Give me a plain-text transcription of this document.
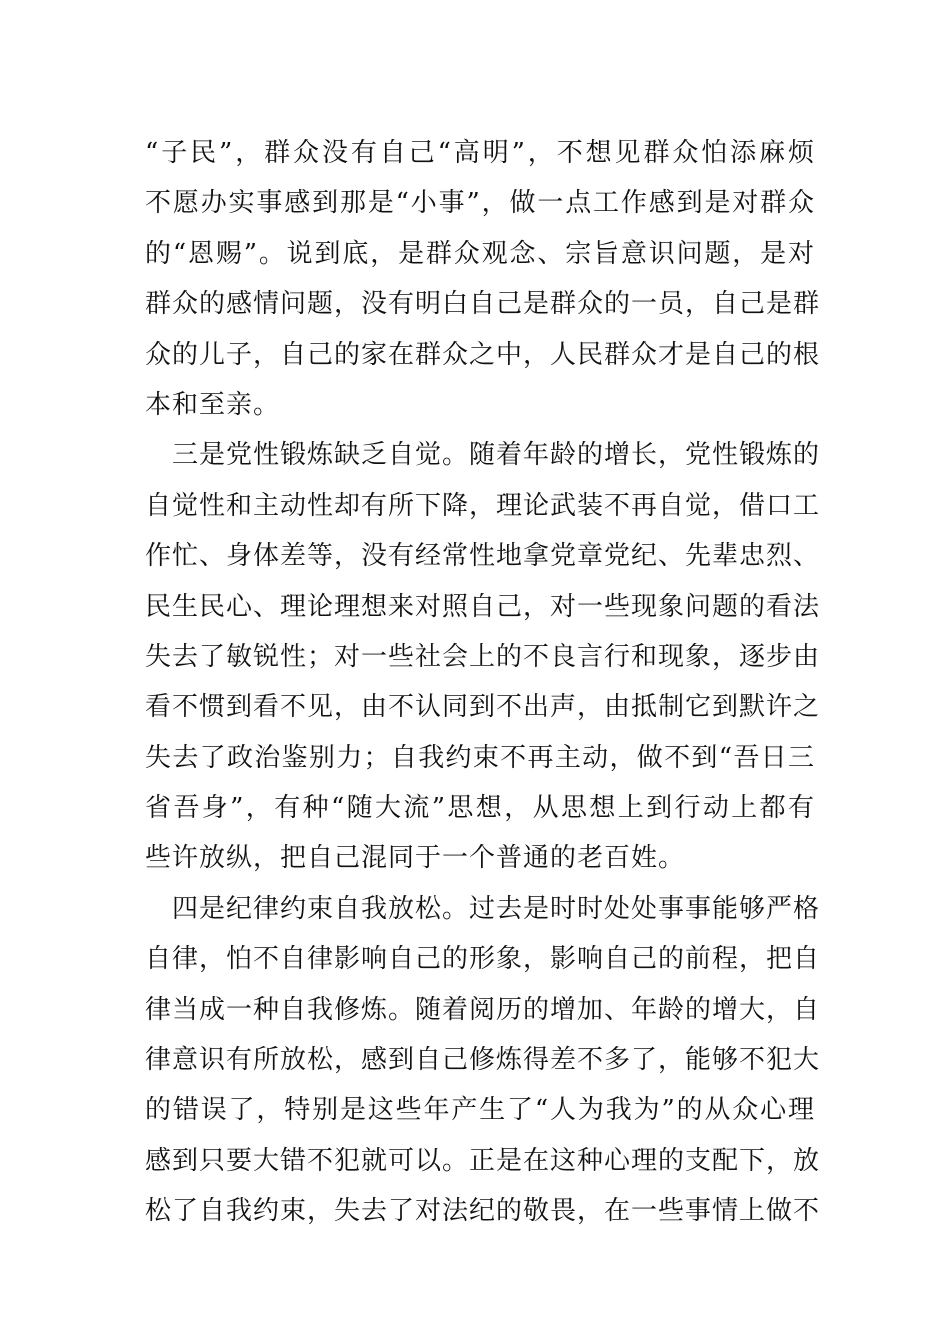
“子民”，群众没有自己“高明”，不想见群众怕添麻烦
不愿办实事感到那是“小事”，做一点工作感到是对群众
的“恩赐”。说到底，是群众观念、宗旨意识问题，是对
群众的感情问题，没有明白自己是群众的一员，自己是群
众的儿子，自己的家在群众之中，人民群众才是自己的根
本和至亲。
　三是党性锻炼缺乏自觉。随着年龄的增长，党性锻炼的
自觉性和主动性却有所下降，理论武装不再自觉，借口工
作忙、身体差等，没有经常性地拿党章党纪、先辈忠烈、
民生民心、理论理想来对照自己，对一些现象问题的看法
失去了敏锐性；对一些社会上的不良言行和现象，逐步由
看不惯到看不见，由不认同到不出声，由抵制它到默许之
失去了政治鉴别力；自我约束不再主动，做不到“吾日三
省吾身”，有种“随大流”思想，从思想上到行动上都有
些许放纵，把自己混同于一个普通的老百姓。
　四是纪律约束自我放松。过去是时时处处事事能够严格
自律，怕不自律影响自己的形象，影响自己的前程，把自
律当成一种自我修炼。随着阅历的增加、年龄的增大，自
律意识有所放松，感到自己修炼得差不多了，能够不犯大
的错误了，特别是这些年产生了“人为我为”的从众心理
感到只要大错不犯就可以。正是在这种心理的支配下，放
松了自我约束，失去了对法纪的敬畏，在一些事情上做不
